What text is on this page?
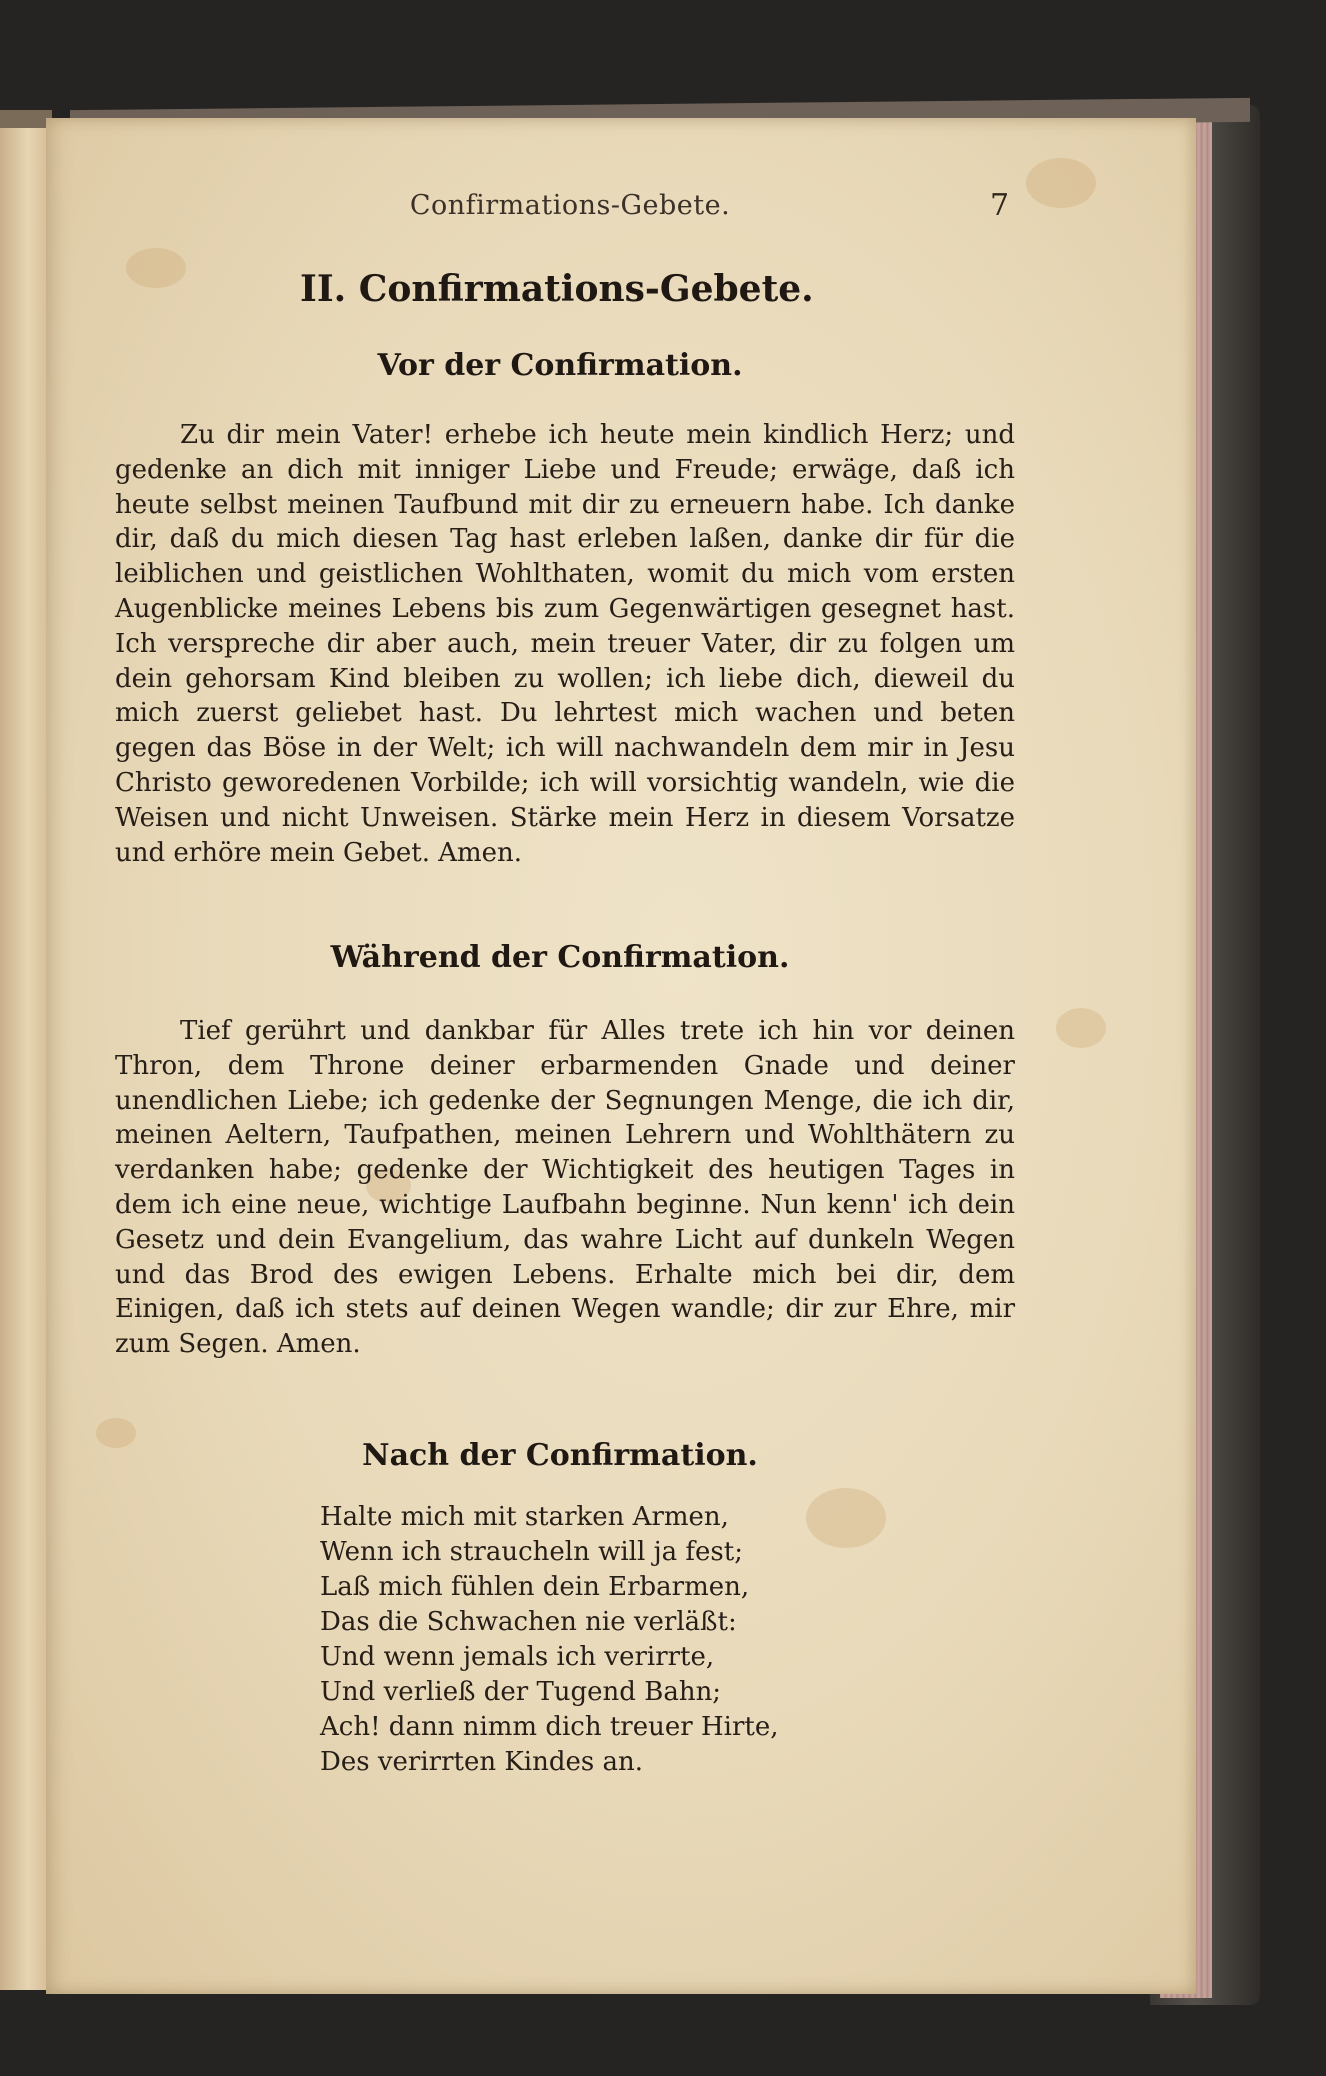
Confirmations-Gebete.	7
II. Confirmations-Gebete.
Vor der Confirmation.
Zu dir mein Vater! erhebe ich heute mein kindlich Herz; und gedenke an dich mit inniger Liebe und Freude; erwäge, daß ich heute selbst meinen Taufbund mit dir zu erneuern habe. Ich danke dir, daß du mich diesen Tag hast erleben laßen, danke dir für die leiblichen und geistlichen Wohlthaten, womit du mich vom ersten Augenblicke meines Lebens bis zum Gegenwärtigen gesegnet hast. Ich verspreche dir aber auch, mein treuer Vater, dir zu folgen um dein gehorsam Kind bleiben zu wollen; ich liebe dich, dieweil du mich zuerst geliebet hast. Du lehrtest mich wachen und beten gegen das Böse in der Welt; ich will nachwandeln dem mir in Jesu Christo geworedenen Vorbilde; ich will vorsichtig wandeln, wie die Weisen und nicht Unweisen. Stärke mein Herz in diesem Vorsatze und erhöre mein Gebet. Amen.
Während der Confirmation.
Tief gerührt und dankbar für Alles trete ich hin vor deinen Thron, dem Throne deiner erbarmenden Gnade und deiner unendlichen Liebe; ich gedenke der Segnungen Menge, die ich dir, meinen Aeltern, Taufpathen, meinen Lehrern und Wohlthätern zu verdanken habe; gedenke der Wichtigkeit des heutigen Tages in dem ich eine neue, wichtige Laufbahn beginne. Nun kenn' ich dein Gesetz und dein Evangelium, das wahre Licht auf dunkeln Wegen und das Brod des ewigen Lebens. Erhalte mich bei dir, dem Einigen, daß ich stets auf deinen Wegen wandle; dir zur Ehre, mir zum Segen. Amen.
Nach der Confirmation.
Halte mich mit starken Armen,
Wenn ich straucheln will ja fest;
Laß mich fühlen dein Erbarmen,
Das die Schwachen nie verläßt:
Und wenn jemals ich verirrte,
Und verließ der Tugend Bahn;
Ach! dann nimm dich treuer Hirte,
Des verirrten Kindes an.
